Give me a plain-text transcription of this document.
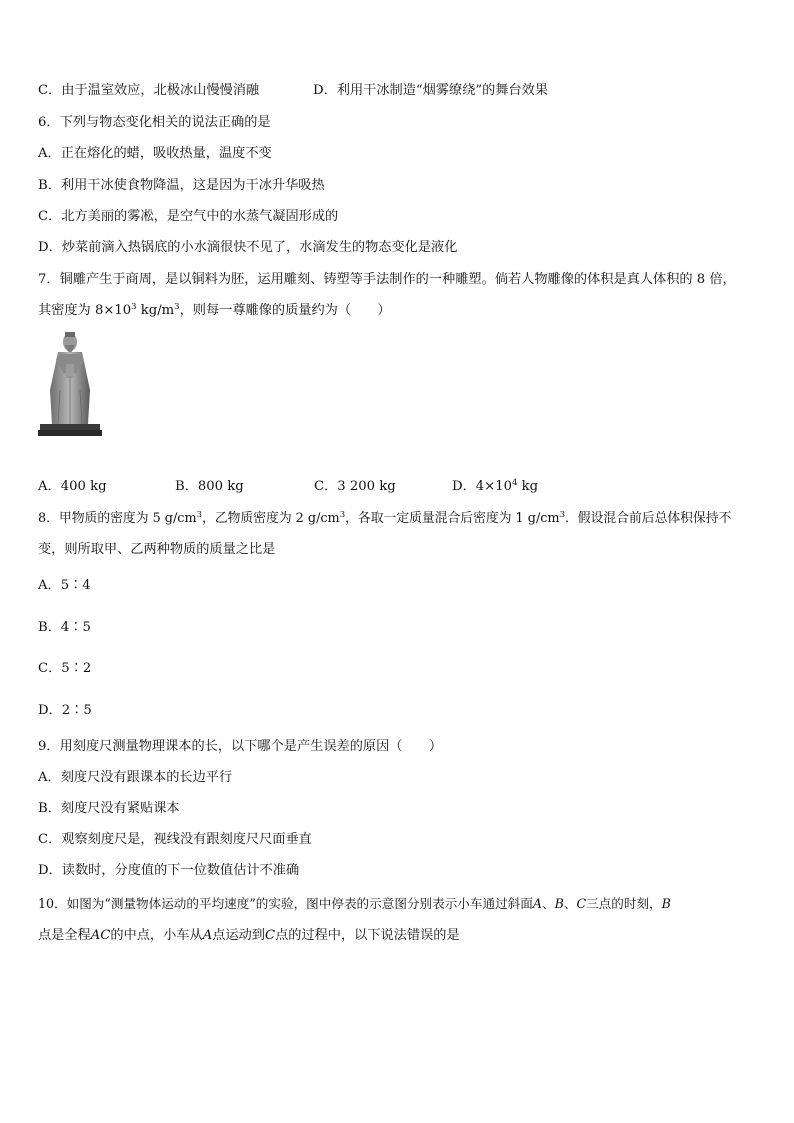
C．由于温室效应，北极冰山慢慢消融	D．利用干冰制造“烟雾缭绕”的舞台效果
6．下列与物态变化相关的说法正确的是
A．正在熔化的蜡，吸收热量，温度不变
B．利用干冰使食物降温，这是因为干冰升华吸热
C．北方美丽的雾凇，是空气中的水蒸气凝固形成的
D．炒菜前滴入热锅底的小水滴很快不见了，水滴发生的物态变化是液化
7．铜雕产生于商周，是以铜料为胚，运用雕刻、铸塑等手法制作的一种雕塑。倘若人物雕像的体积是真人体积的 8 倍，
其密度为 $8\times 10^3$ $kg/m^3$，则每一尊雕像的质量约为（　　）
A．400 kg	B．800 kg	C．3 200 kg	D．$4\times 10^4$ kg
8．甲物质的密度为 5 $g/cm^3$，乙物质密度为 2 $g/cm^3$，各取一定质量混合后密度为 1 $g/cm^3$．假设混合前后总体积保持不
变，则所取甲、乙两种物质的质量之比是
A．5∶4
B．4∶5
C．5∶2
D．2∶5
9．用刻度尺测量物理课本的长，以下哪个是产生误差的原因（　　）
A．刻度尺没有跟课本的长边平行
B．刻度尺没有紧贴课本
C．观察刻度尺是，视线没有跟刻度尺尺面垂直
D．读数时，分度值的下一位数值估计不准确
10．如图为“测量物体运动的平均速度”的实验，图中停表的示意图分别表示小车通过斜面A、B、C三点的时刻，B
点是全程AC的中点，小车从A点运动到C点的过程中，以下说法错误的是
